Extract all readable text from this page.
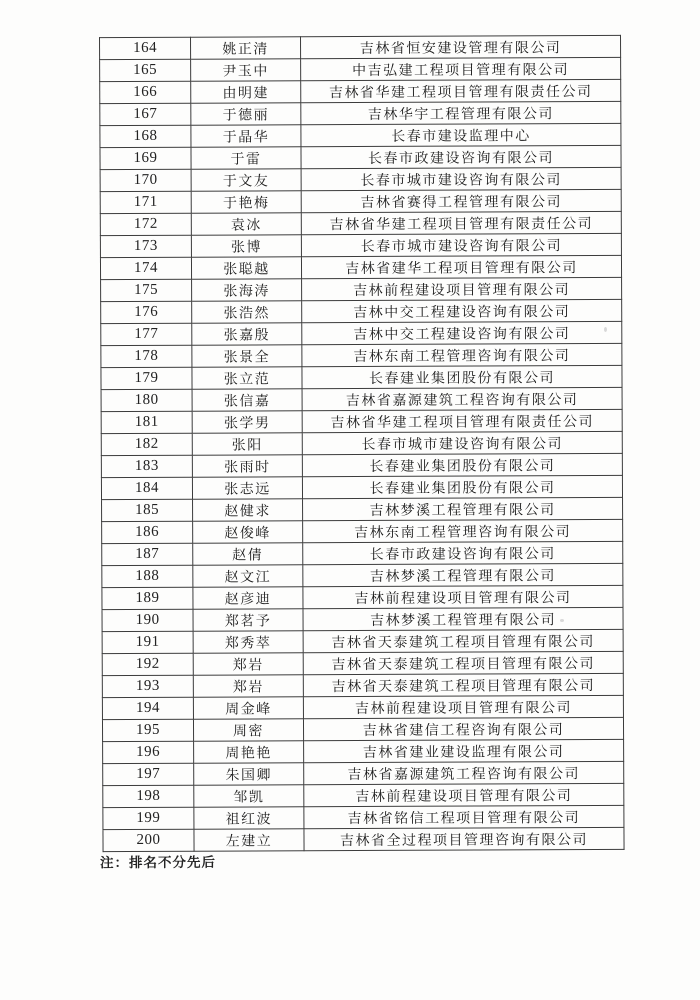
164	姚正清	吉林省恒安建设管理有限公司
165	尹玉中	中吉弘建工程项目管理有限公司
166	由明建	吉林省华建工程项目管理有限责任公司
167	于德丽	吉林华宇工程管理有限公司
168	于晶华	长春市建设监理中心
169	于雷	长春市政建设咨询有限公司
170	于文友	长春市城市建设咨询有限公司
171	于艳梅	吉林省赛得工程管理有限公司
172	袁冰	吉林省华建工程项目管理有限责任公司
173	张博	长春市城市建设咨询有限公司
174	张聪越	吉林省建华工程项目管理有限公司
175	张海涛	吉林前程建设项目管理有限公司
176	张浩然	吉林中交工程建设咨询有限公司
177	张嘉殷	吉林中交工程建设咨询有限公司
178	张景全	吉林东南工程管理咨询有限公司
179	张立范	长春建业集团股份有限公司
180	张信嘉	吉林省嘉源建筑工程咨询有限公司
181	张学男	吉林省华建工程项目管理有限责任公司
182	张阳	长春市城市建设咨询有限公司
183	张雨时	长春建业集团股份有限公司
184	张志远	长春建业集团股份有限公司
185	赵健求	吉林梦溪工程管理有限公司
186	赵俊峰	吉林东南工程管理咨询有限公司
187	赵倩	长春市政建设咨询有限公司
188	赵文江	吉林梦溪工程管理有限公司
189	赵彦迪	吉林前程建设项目管理有限公司
190	郑茗予	吉林梦溪工程管理有限公司
191	郑秀萃	吉林省天泰建筑工程项目管理有限公司
192	郑岩	吉林省天泰建筑工程项目管理有限公司
193	郑岩	吉林省天泰建筑工程项目管理有限公司
194	周金峰	吉林前程建设项目管理有限公司
195	周密	吉林省建信工程咨询有限公司
196	周艳艳	吉林省建业建设监理有限公司
197	朱国卿	吉林省嘉源建筑工程咨询有限公司
198	邹凯	吉林前程建设项目管理有限公司
199	祖红波	吉林省铭信工程项目管理有限公司
200	左建立	吉林省全过程项目管理咨询有限公司
注：排名不分先后
